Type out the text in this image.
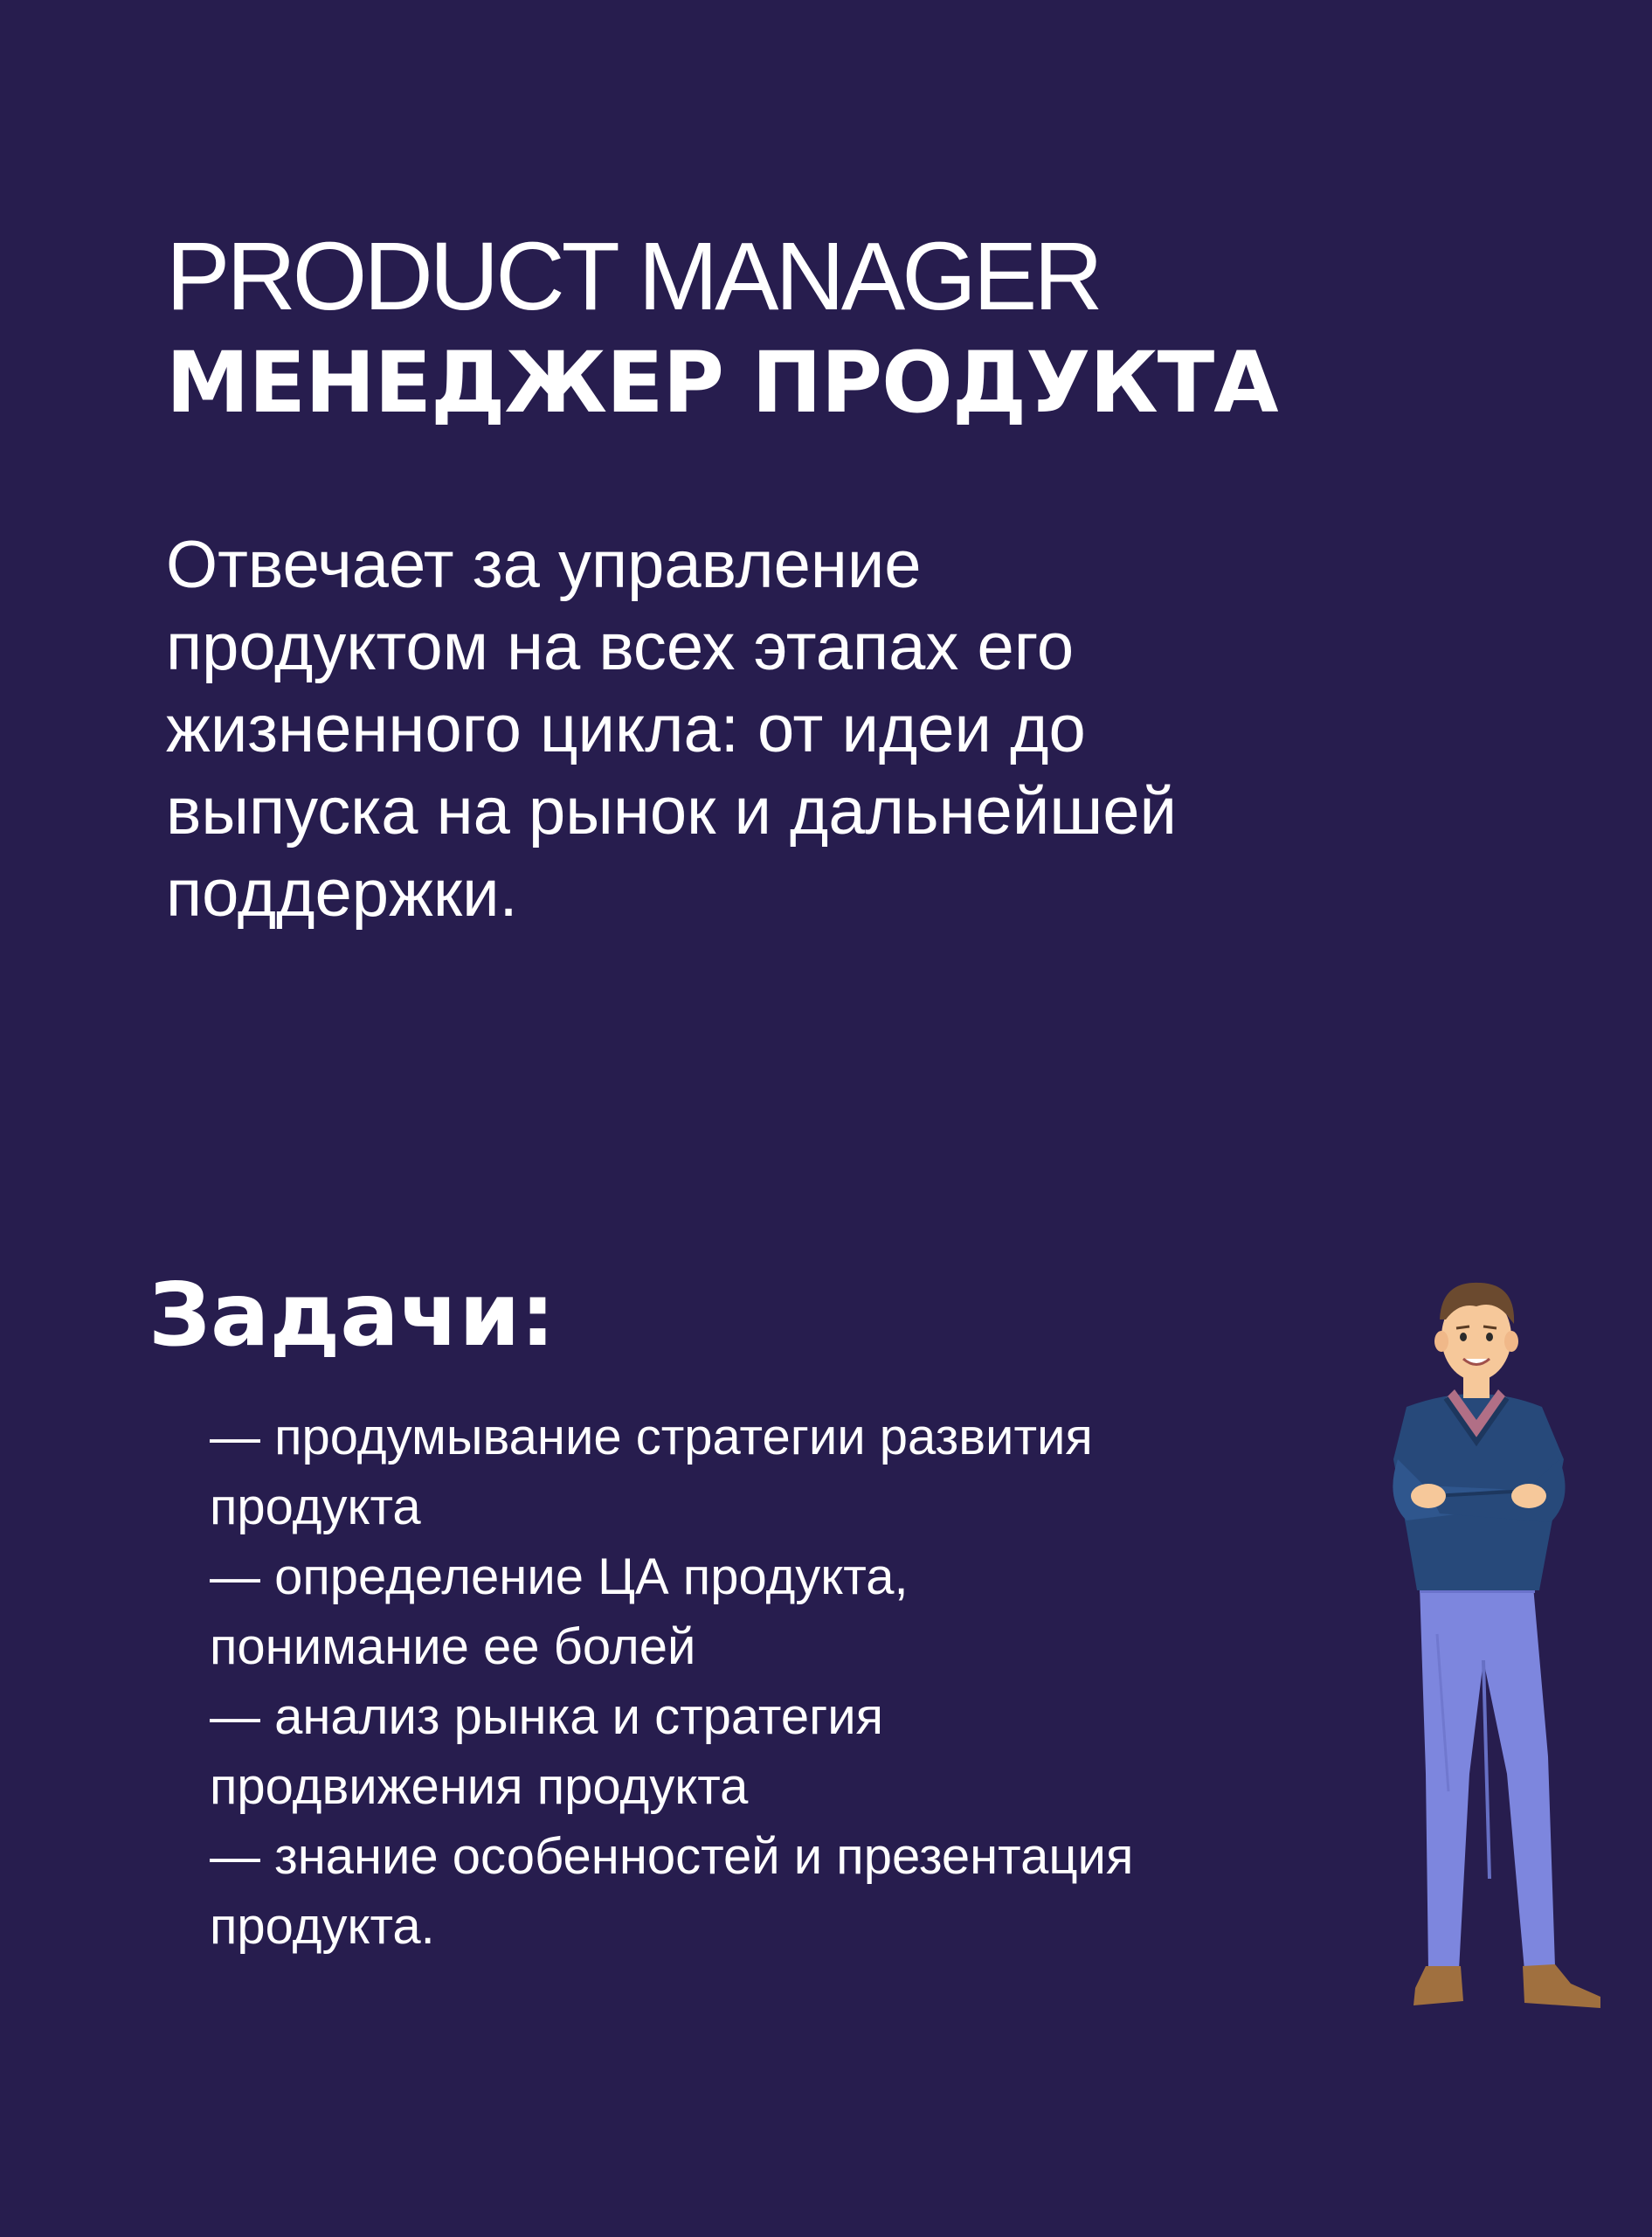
PRODUCT MANAGER
МЕНЕДЖЕР ПРОДУКТА
Отвечает за управление
продуктом на всех этапах его
жизненного цикла: от идеи до
выпуска на рынок и дальнейшей
поддержки.
Задачи:
— продумывание стратегии развития
продукта
— определение ЦА продукта,
понимание ее болей
— анализ рынка и стратегия
продвижения продукта
— знание особенностей и презентация
продукта.
